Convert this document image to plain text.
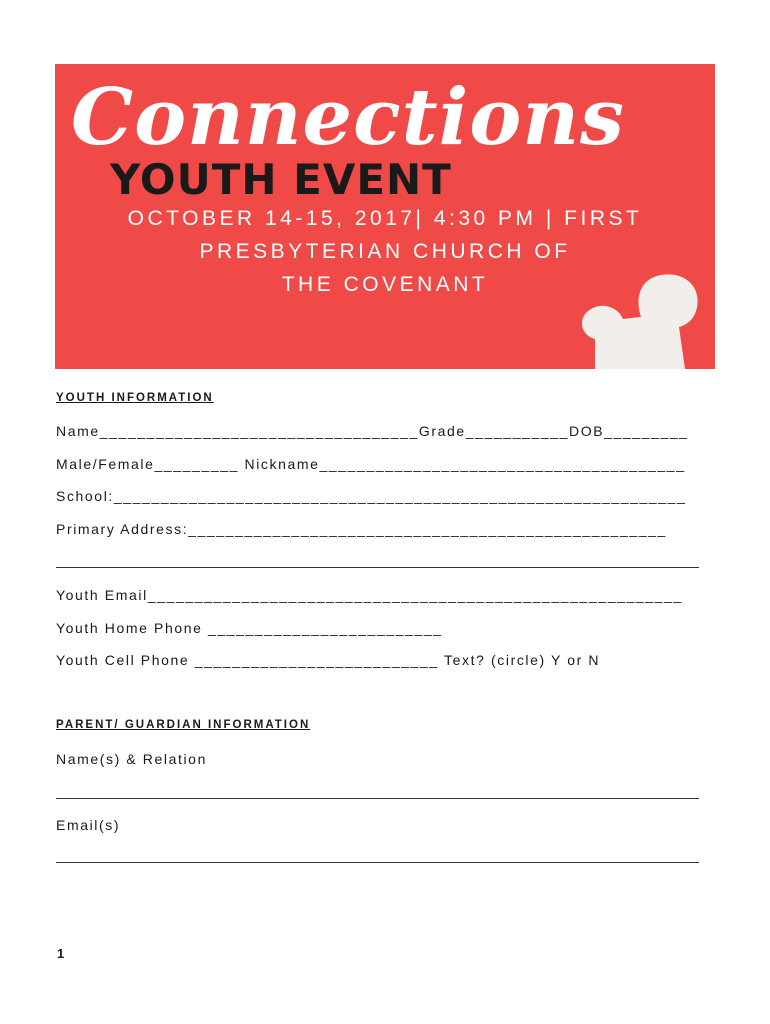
Connections
YOUTH EVENT
OCTOBER 14-15, 2017| 4:30 PM | FIRST
PRESBYTERIAN CHURCH OF
THE COVENANT
YOUTH INFORMATION
Name__________________________________Grade___________DOB_________
Male/Female_________ Nickname_______________________________________
School:_____________________________________________________________
Primary Address:___________________________________________________
Youth Email_________________________________________________________
Youth Home Phone _________________________
Youth Cell Phone __________________________ Text? (circle) Y or N
PARENT/ GUARDIAN INFORMATION
Name(s) & Relation
Email(s)
1
